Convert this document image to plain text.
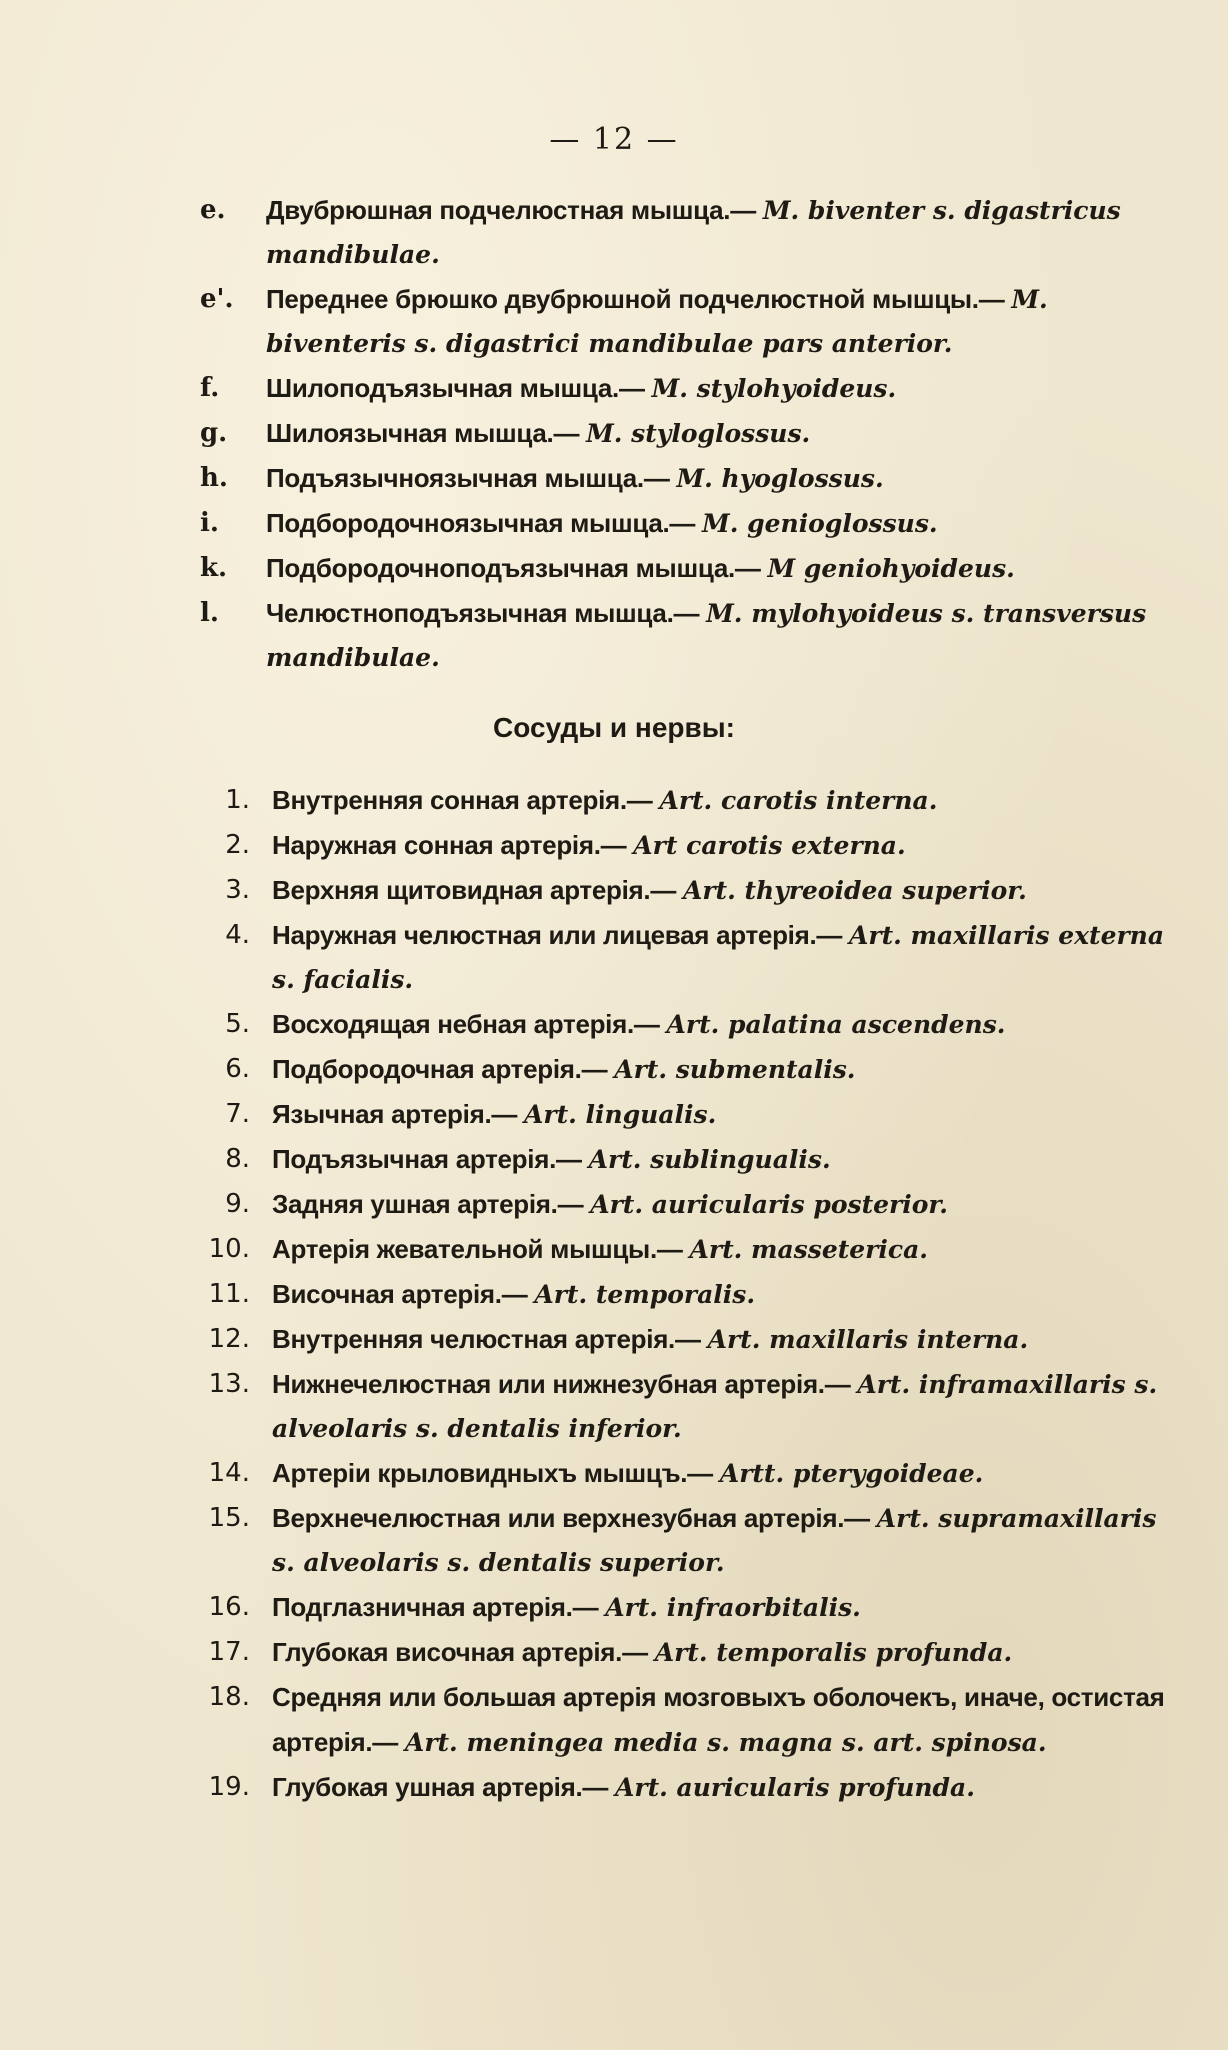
— 12 —
e. Двубрюшная подчелюстная мышца.— M. biventer s. digastricus mandibulae.
e'. Переднее брюшко двубрюшной подчелюстной мышцы.— M. biventeris s. digastrici mandibulae pars anterior.
f.	Шилоподъязычная мышца.— M. stylohyoideus.
g. Шилоязычная мышца.— M. styloglossus.
h. Подъязычноязычная мышца.— M. hyoglossus.
i.	Подбородочноязычная мышца.— M. genioglossus.
k. Подбородочноподъязычная мышца.— M geniohyoideus.
l.	Челюстноподъязычная мышца.— M. mylohyoideus s. transversus mandibulae.
Сосуды и нервы:
1. Внутренняя сонная артерія.— Art. carotis interna.
2. Наружная сонная артерія.— Art carotis externa.
3. Верхняя щитовидная артерія.— Art. thyreoidea superior.
4. Наружная челюстная или лицевая артерія.— Art. maxillaris externa s. facialis.
5. Восходящая небная артерія.— Art. palatina ascendens.
6. Подбородочная артерія.— Art. submentalis.
7. Язычная артерія.— Art. lingualis.
8. Подъязычная артерія.— Art. sublingualis.
9. Задняя ушная артерія.— Art. auricularis posterior.
10. Артерія жевательной мышцы.— Art. masseterica.
11. Височная артерія.— Art. temporalis.
12. Внутренняя челюстная артерія.— Art. maxillaris interna.
13. Нижнечелюстная или нижнезубная артерія.— Art. inframaxillaris s. alveolaris s. dentalis inferior.
14. Артеріи крыловидныхъ мышцъ.— Artt. pterygoideae.
15. Верхнечелюстная или верхнезубная артерія.— Art. supramaxillaris s. alveolaris s. dentalis superior.
16. Подглазничная артерія.— Art. infraorbitalis.
17. Глубокая височная артерія.— Art. temporalis profunda.
18. Средняя или большая артерія мозговыхъ оболочекъ, иначе, остистая артерія.— Art. meningea media s. magna s. art. spinosa.
19. Глубокая ушная артерія.— Art. auricularis profunda.
